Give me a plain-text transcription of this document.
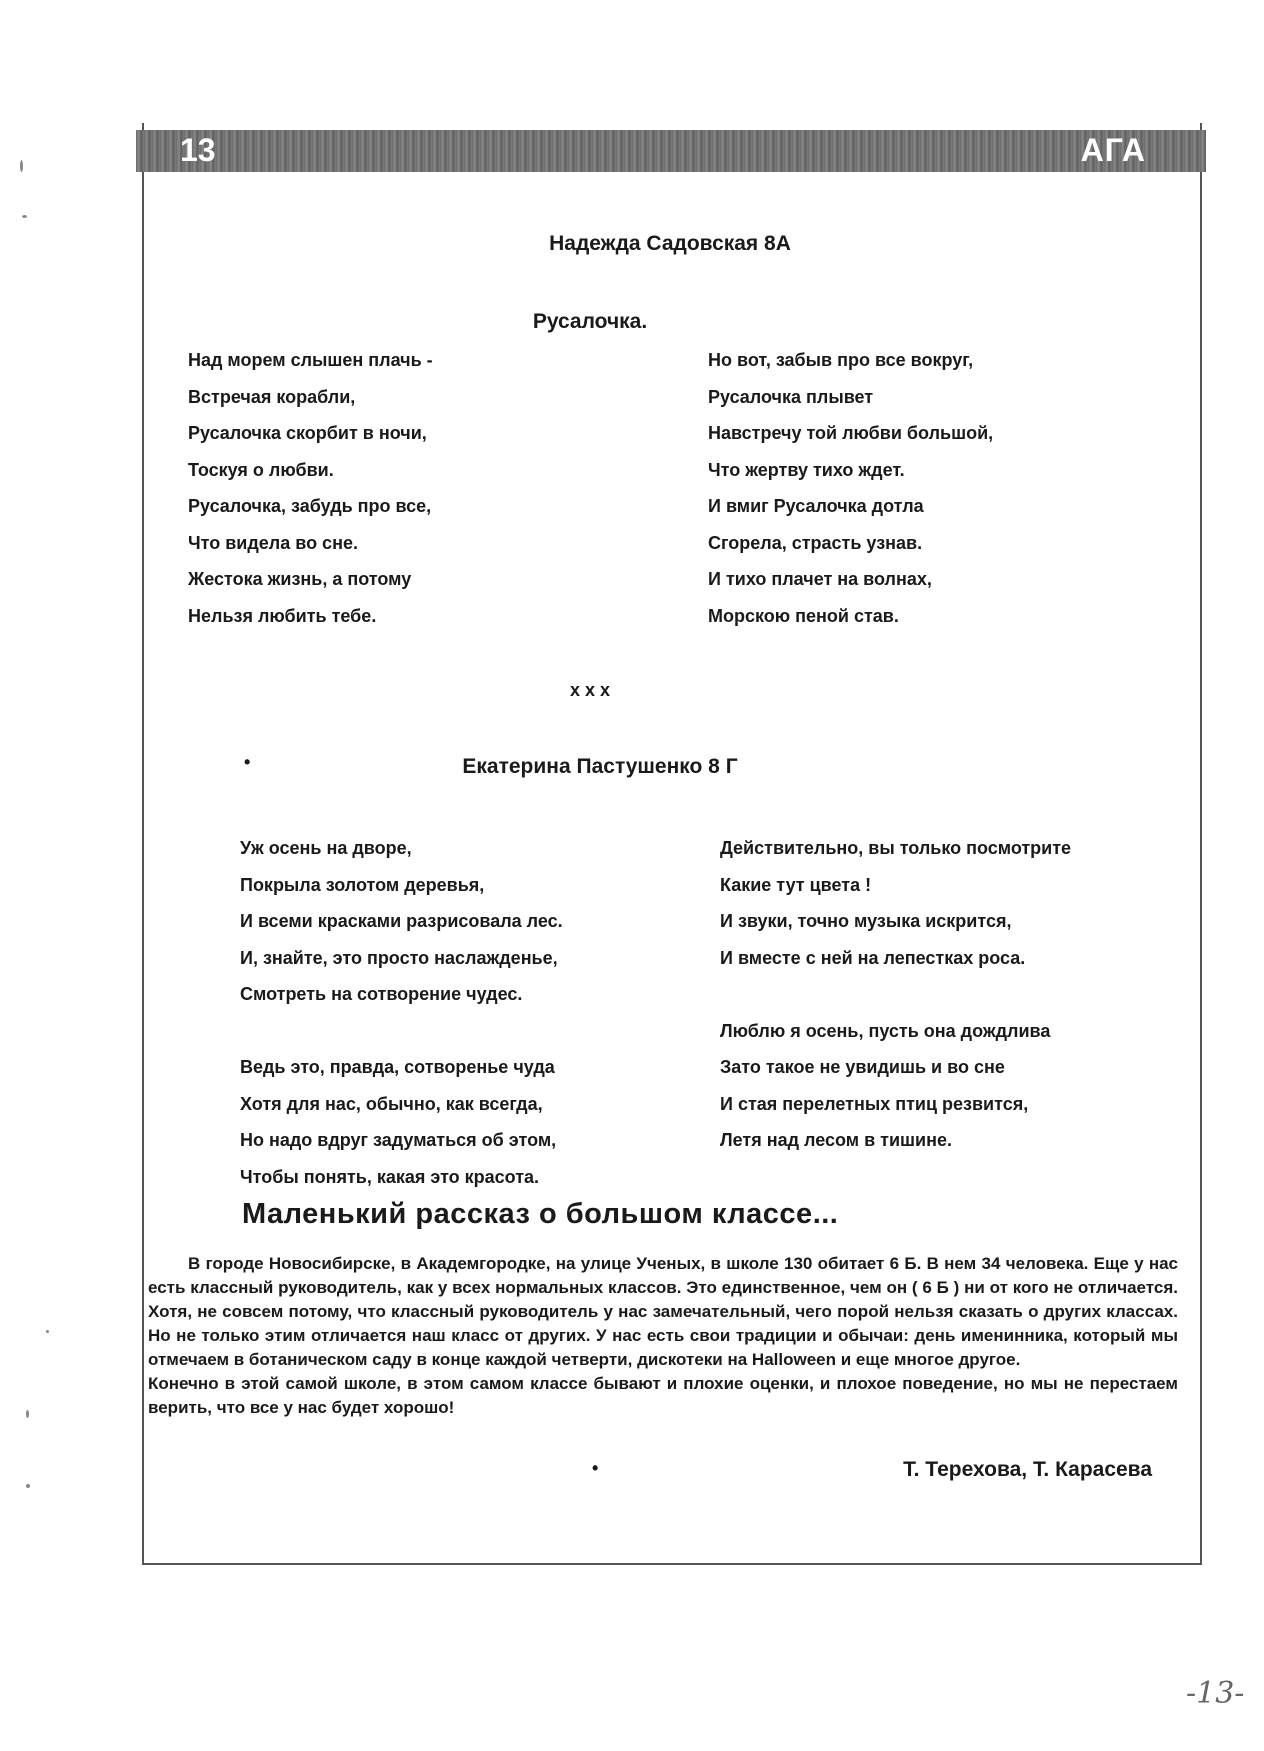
13	АГА
Надежда Садовская 8А
Русалочка.
Над морем слышен плачь -
Встречая корабли,
Русалочка скорбит в ночи,
Тоскуя о любви.
Русалочка, забудь про все,
Что видела во сне.
Жестока жизнь, а потому
Нельзя любить тебе.
Но вот, забыв про все вокруг,
Русалочка плывет
Навстречу той любви большой,
Что жертву тихо ждет.
И вмиг Русалочка дотла
Сгорела, страсть узнав.
И тихо плачет на волнах,
Морскою пеной став.
x x x
•	Екатерина Пастушенко 8 Г
Уж осень на дворе,
Покрыла золотом деревья,
И всеми красками разрисовала лес.
И, знайте, это просто наслажденье,
Смотреть на сотворение чудес.

Ведь это, правда, сотворенье чуда
Хотя для нас, обычно, как всегда,
Но надо вдруг задуматься об этом,
Чтобы понять, какая это красота.
Действительно, вы только посмотрите
Какие тут цвета !
И звуки, точно музыка искрится,
И вместе с ней на лепестках роса.

Люблю я осень, пусть она дождлива
Зато такое не увидишь и во сне
И стая перелетных птиц резвится,
Летя над лесом в тишине.
Маленький рассказ о большом классе...

В городе Новосибирске, в Академгородке, на улице Ученых, в школе 130 обитает 6 Б. В нем 34 человека. Еще у нас есть классный руководитель, как у всех нормальных классов. Это единственное, чем он ( 6 Б ) ни от кого не отличается. Хотя, не совсем потому, что классный руководитель у нас замечательный, чего порой нельзя сказать о других классах. Но не только этим отличается наш класс от других. У нас есть свои традиции и обычаи: день именинника, который мы отмечаем в ботаническом саду в конце каждой четверти, дискотеки на Halloween и еще многое другое.

Конечно в этой самой школе, в этом самом классе бывают и плохие оценки, и плохое поведение, но мы не перестаем верить, что все у нас будет хорошо!

•	Т. Терехова, Т. Карасева
-13-
